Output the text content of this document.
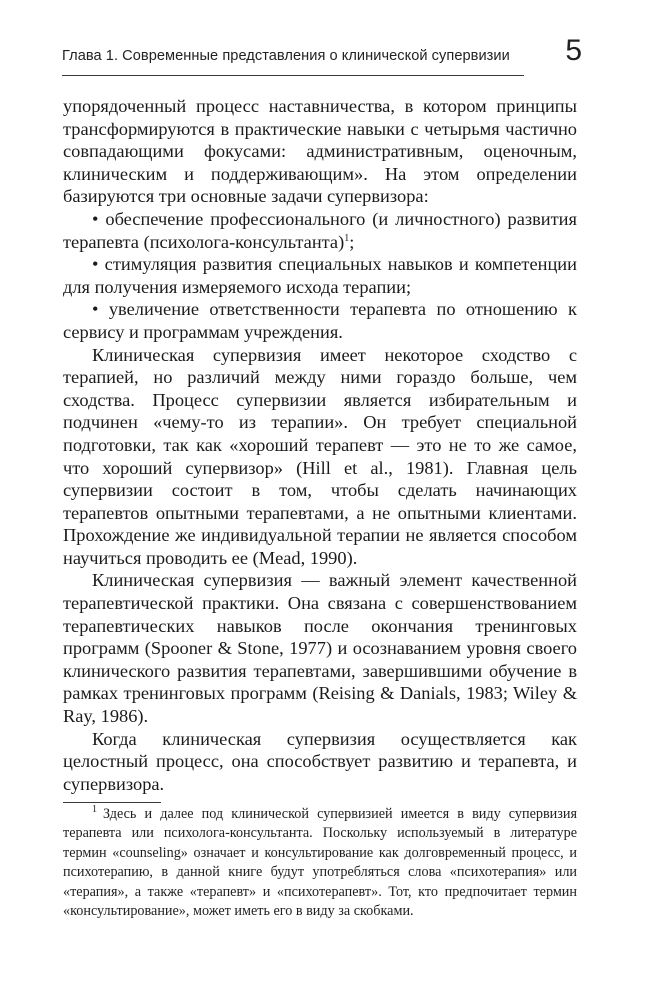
Глава 1. Современные представления о клинической супервизии 5

упорядоченный процесс наставничества, в котором принципы трансформируются в практические навыки с четырьмя частично совпадающими фокусами: административным, оценочным, клиническим и поддерживающим». На этом определении базируются три основные задачи супервизора:

• обеспечение профессионального (и личностного) развития терапевта (психолога-консультанта)$^1$;

• стимуляция развития специальных навыков и компетенции для получения измеряемого исхода терапии;

• увеличение ответственности терапевта по отношению к сервису и программам учреждения.

Клиническая супервизия имеет некоторое сходство с терапией, но различий между ними гораздо больше, чем сходства. Процесс супервизии является избирательным и подчинен «чему-то из терапии». Он требует специальной подготовки, так как «хороший терапевт — это не то же самое, что хороший супервизор» (Hill et al., 1981). Главная цель супервизии состоит в том, чтобы сделать начинающих терапевтов опытными терапевтами, а не опытными клиентами. Прохождение же индивидуальной терапии не является способом научиться проводить ее (Mead, 1990).

Клиническая супервизия — важный элемент качественной терапевтической практики. Она связана с совершенствованием терапевтических навыков после окончания тренинговых программ (Spooner & Stone, 1977) и осознаванием уровня своего клинического развития терапевтами, завершившими обучение в рамках тренинговых программ (Reising & Danials, 1983; Wiley & Ray, 1986).

Когда клиническая супервизия осуществляется как целостный процесс, она способствует развитию и терапевта, и супервизора.

$^1$ Здесь и далее под клинической супервизией имеется в виду супервизия терапевта или психолога-консультанта. Поскольку используемый в литературе термин «counseling» означает и консультирование как долговременный процесс, и психотерапию, в данной книге будут употребляться слова «психотерапия» или «терапия», а также «терапевт» и «психотерапевт». Тот, кто предпочитает термин «консультирование», может иметь его в виду за скобками.
